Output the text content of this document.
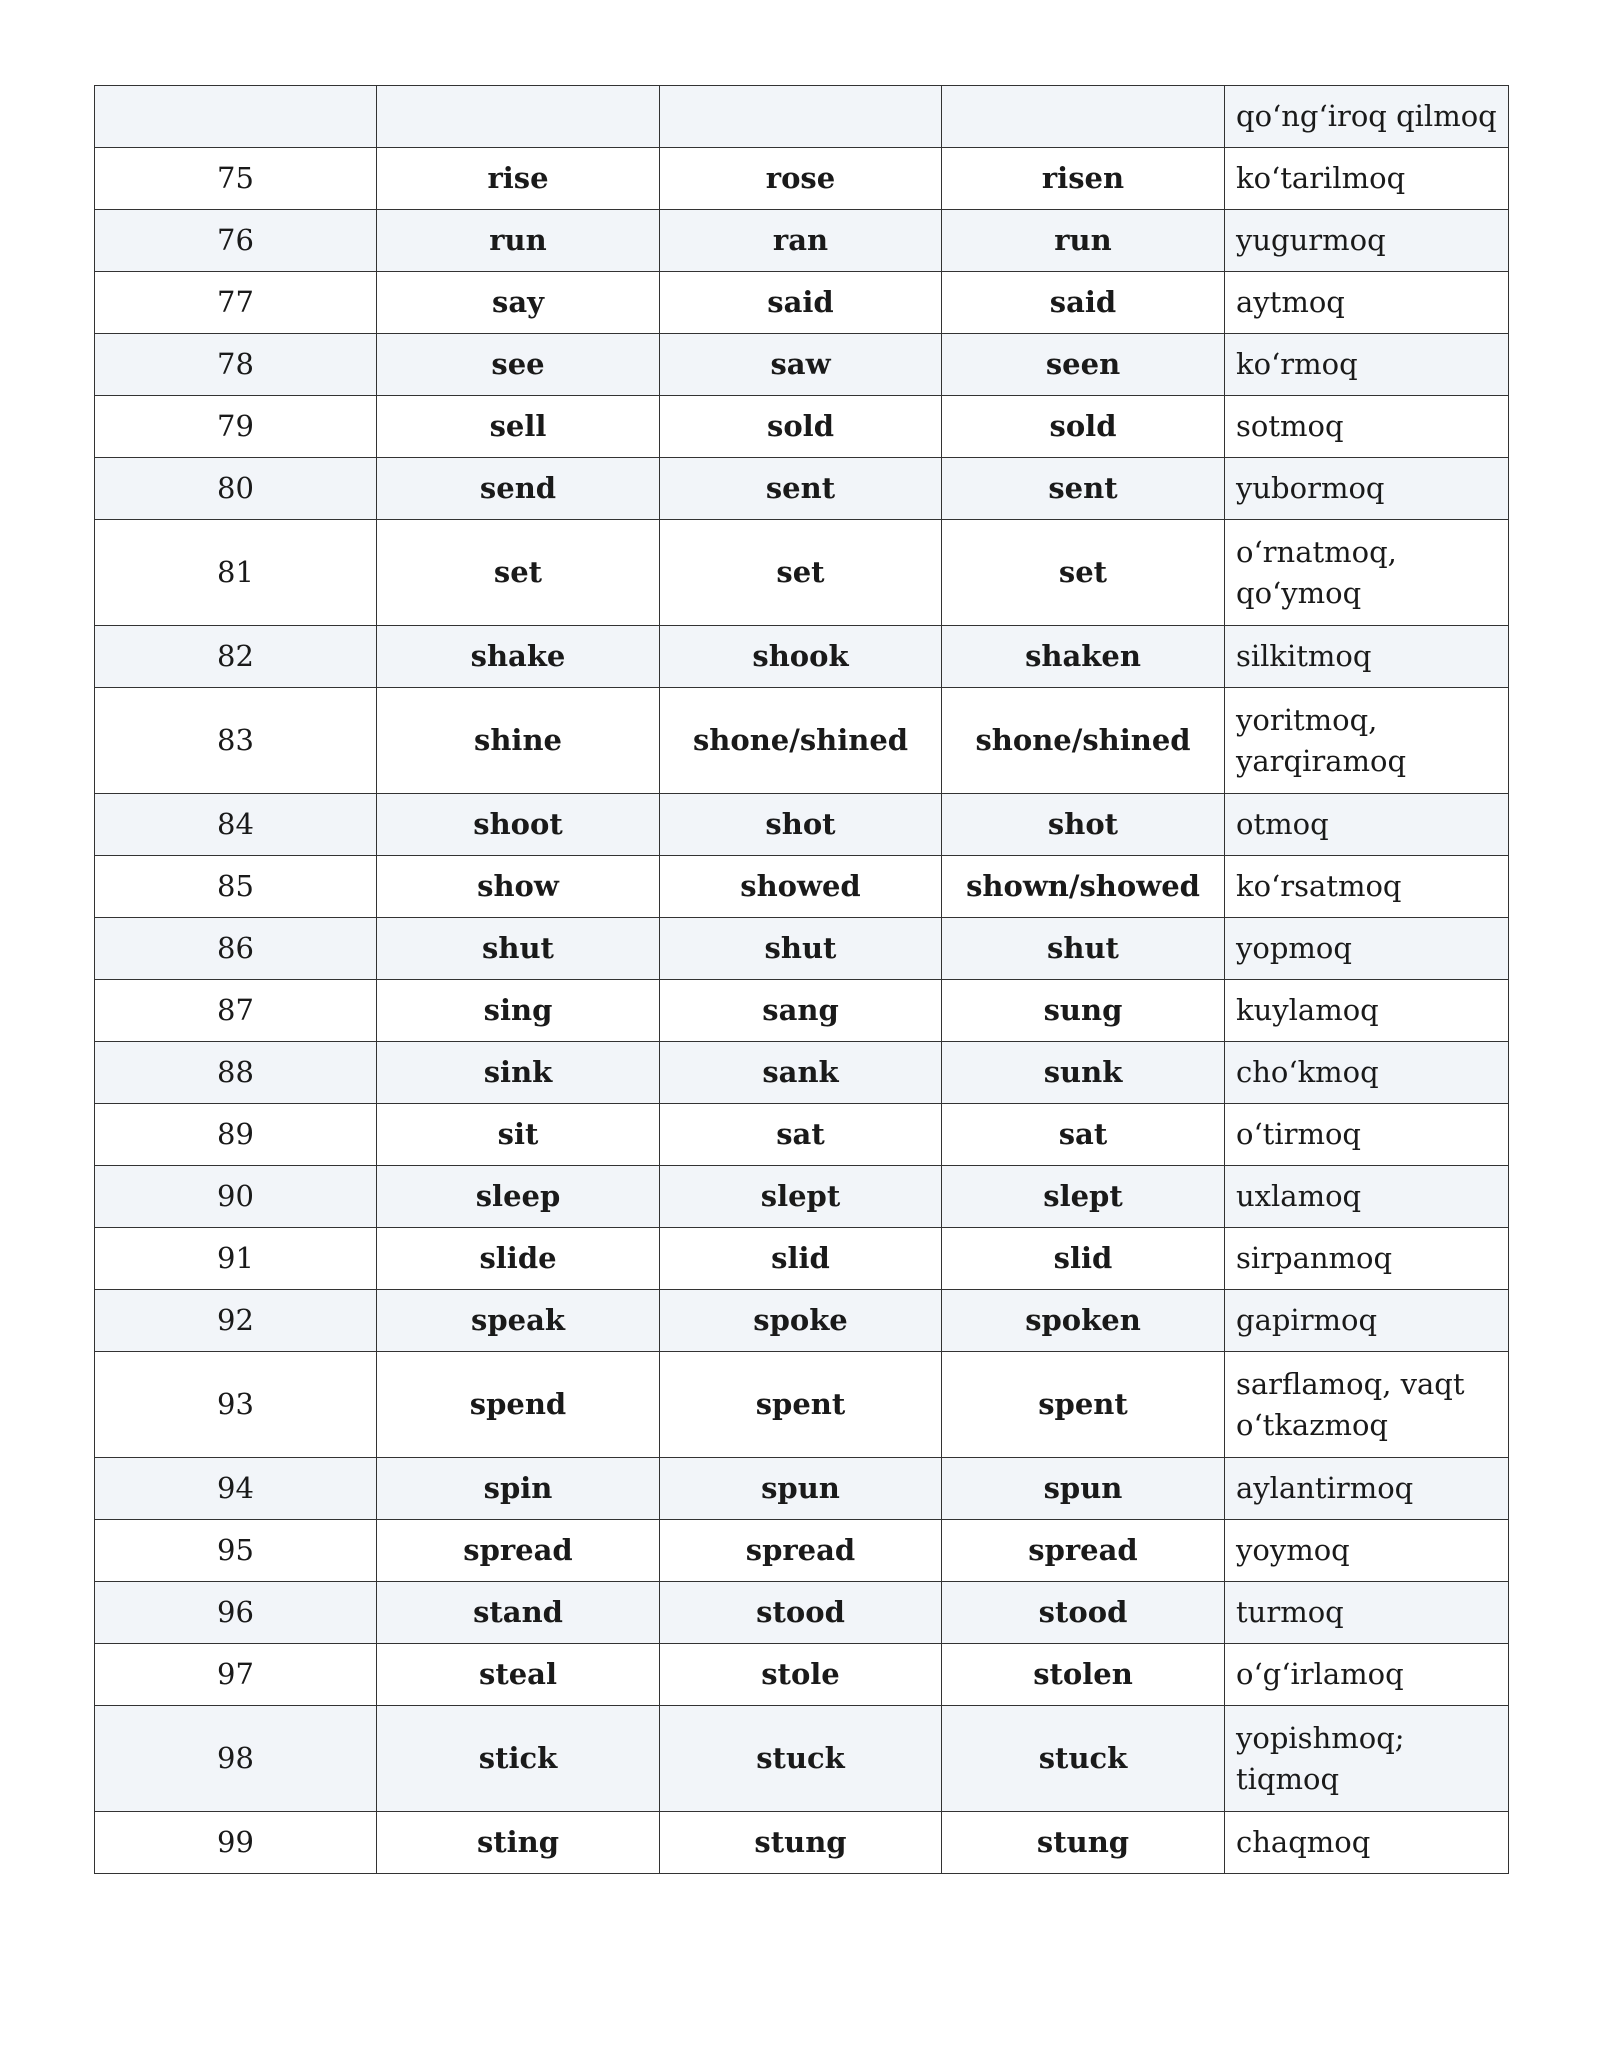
				qo‘ng‘iroq qilmoq
75	rise	rose	risen	ko‘tarilmoq
76	run	ran	run	yugurmoq
77	say	said	said	aytmoq
78	see	saw	seen	ko‘rmoq
79	sell	sold	sold	sotmoq
80	send	sent	sent	yubormoq
81	set	set	set	o‘rnatmoq, qo‘ymoq
82	shake	shook	shaken	silkitmoq
83	shine	shone/shined	shone/shined	yoritmoq, yarqiramoq
84	shoot	shot	shot	otmoq
85	show	showed	shown/showed	ko‘rsatmoq
86	shut	shut	shut	yopmoq
87	sing	sang	sung	kuylamoq
88	sink	sank	sunk	cho‘kmoq
89	sit	sat	sat	o‘tirmoq
90	sleep	slept	slept	uxlamoq
91	slide	slid	slid	sirpanmoq
92	speak	spoke	spoken	gapirmoq
93	spend	spent	spent	sarflamoq, vaqt o‘tkazmoq
94	spin	spun	spun	aylantirmoq
95	spread	spread	spread	yoymoq
96	stand	stood	stood	turmoq
97	steal	stole	stolen	o‘g‘irlamoq
98	stick	stuck	stuck	yopishmoq; tiqmoq
99	sting	stung	stung	chaqmoq
